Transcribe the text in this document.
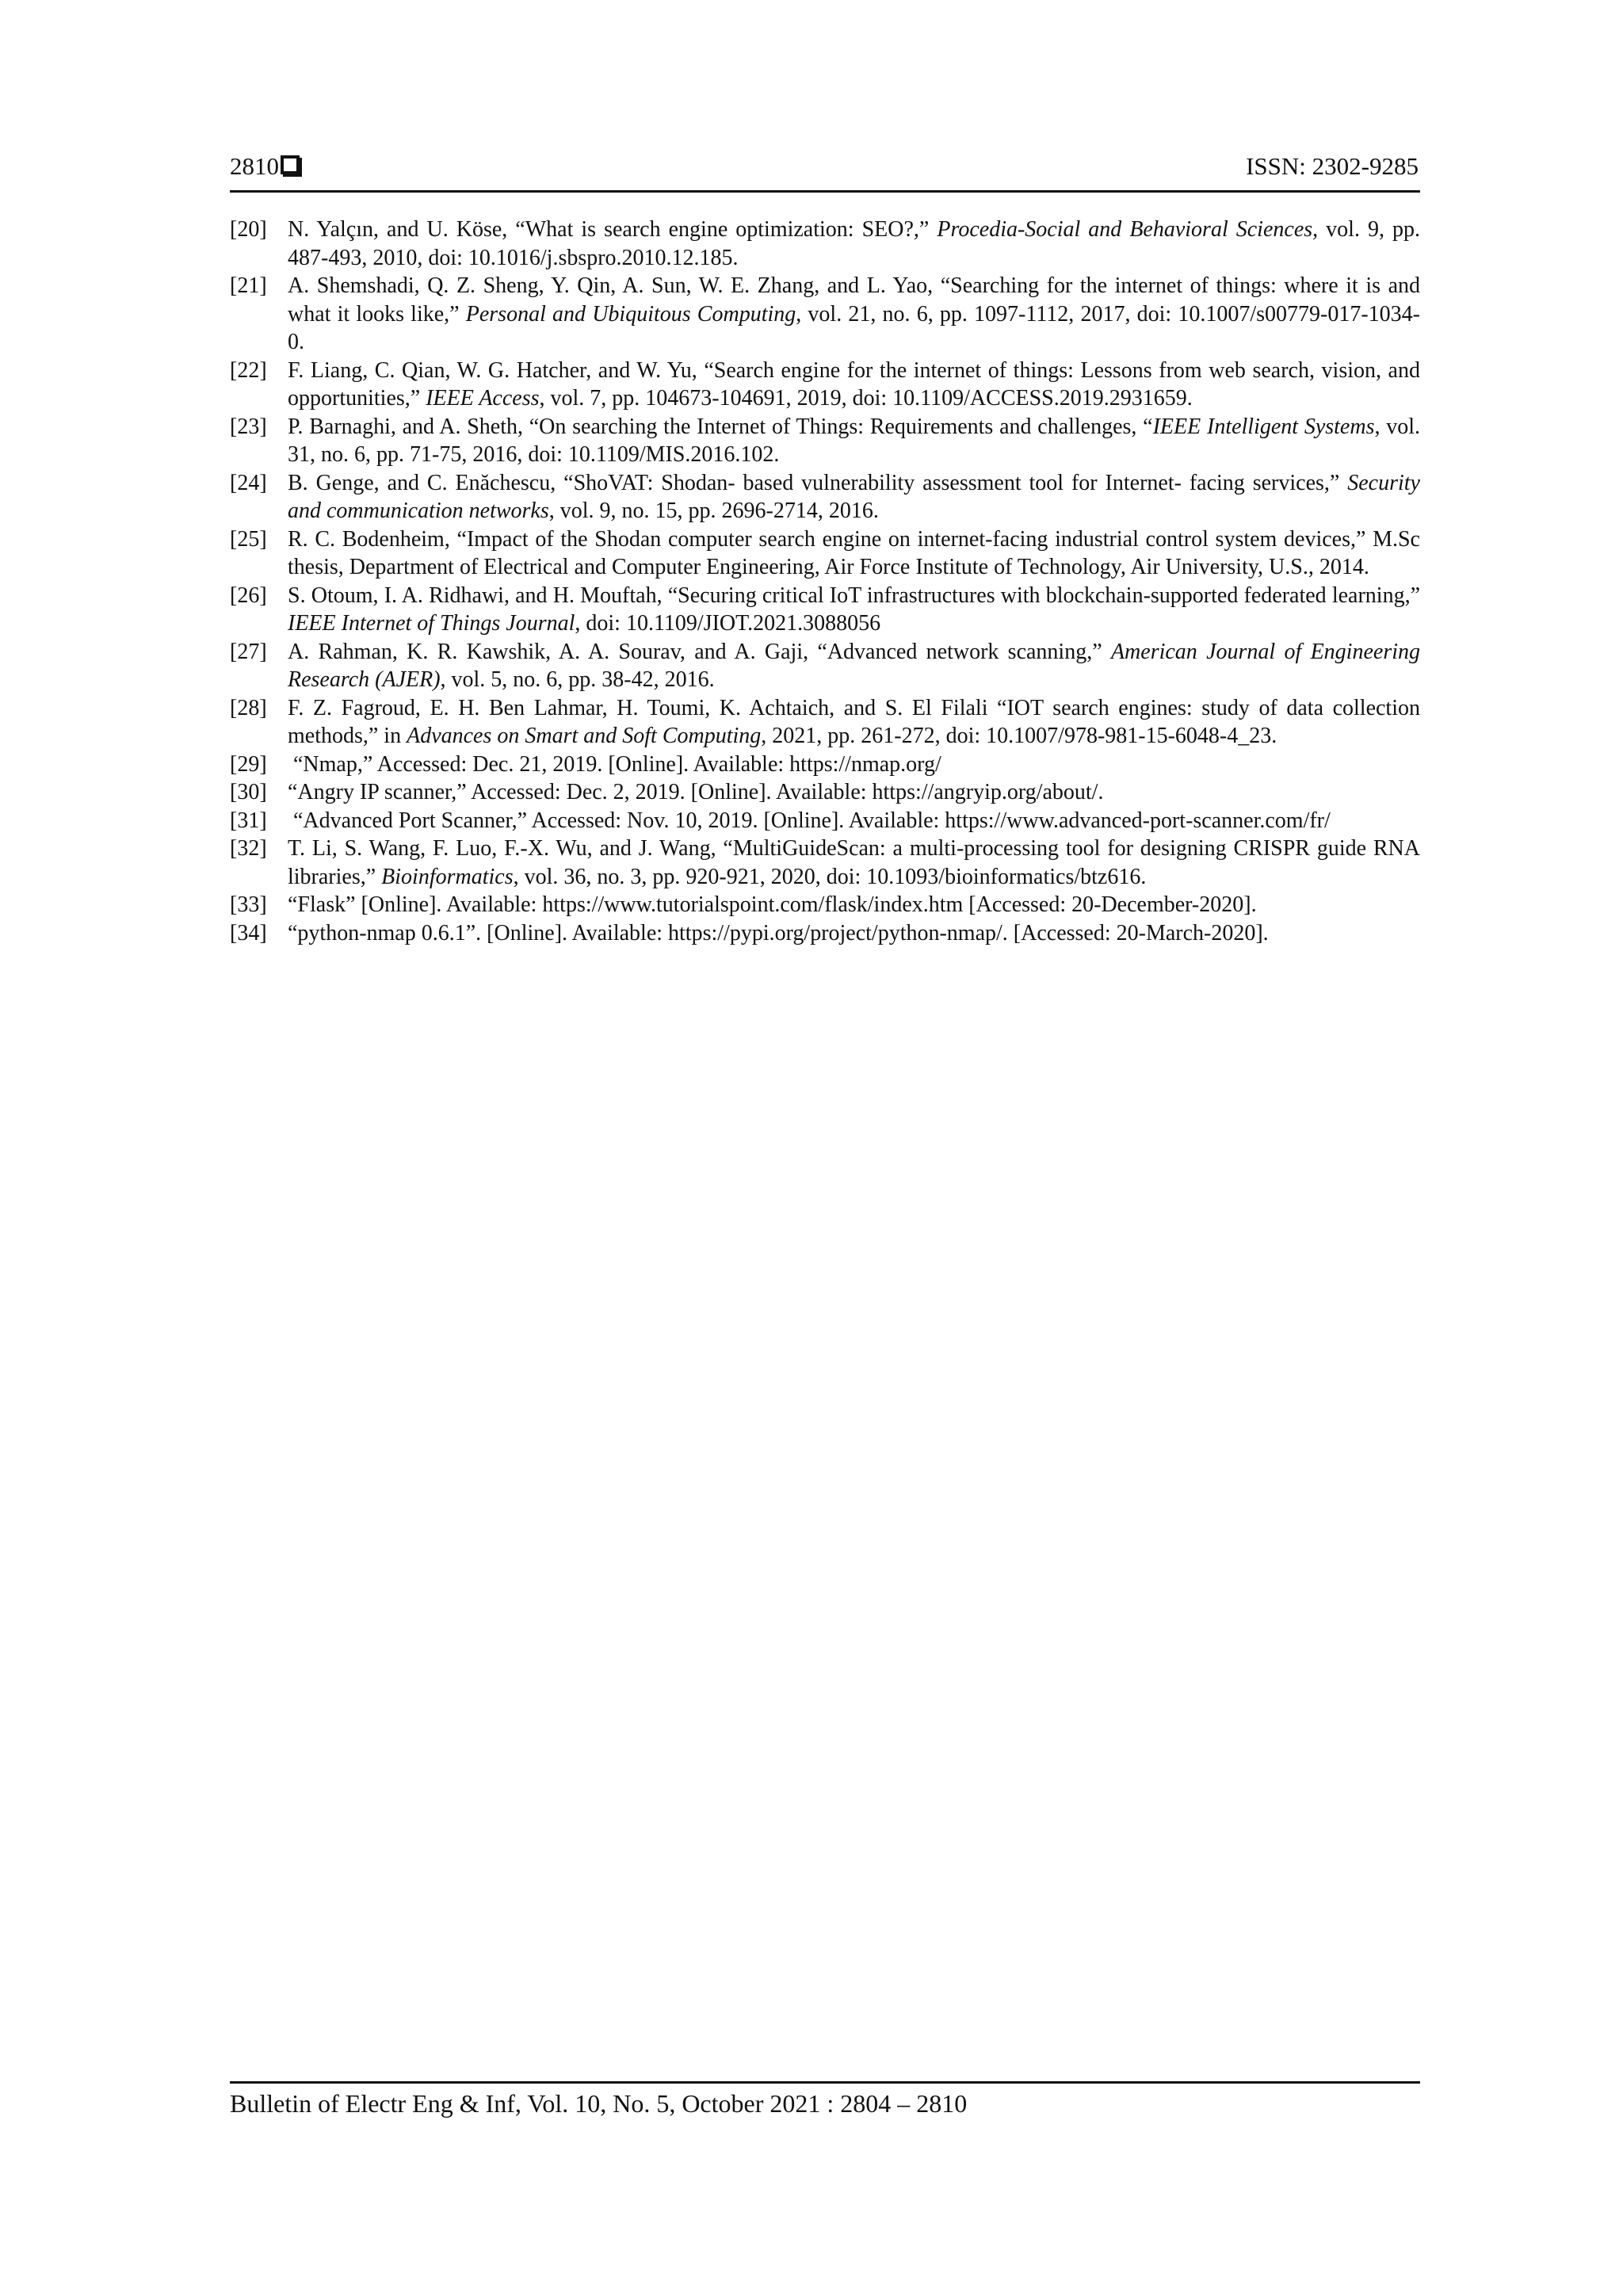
2810	ISSN: 2302-9285
[20] N. Yalçın, and U. Köse, “What is search engine optimization: SEO?,” Procedia-Social and Behavioral Sciences, vol. 9, pp. 487-493, 2010, doi: 10.1016/j.sbspro.2010.12.185.
[21] A. Shemshadi, Q. Z. Sheng, Y. Qin, A. Sun, W. E. Zhang, and L. Yao, “Searching for the internet of things: where it is and what it looks like,” Personal and Ubiquitous Computing, vol. 21, no. 6, pp. 1097-1112, 2017, doi: 10.1007/s00779-017-1034-0.
[22] F. Liang, C. Qian, W. G. Hatcher, and W. Yu, “Search engine for the internet of things: Lessons from web search, vision, and opportunities,” IEEE Access, vol. 7, pp. 104673-104691, 2019, doi: 10.1109/ACCESS.2019.2931659.
[23] P. Barnaghi, and A. Sheth, “On searching the Internet of Things: Requirements and challenges, “IEEE Intelligent Systems, vol. 31, no. 6, pp. 71-75, 2016, doi: 10.1109/MIS.2016.102.
[24] B. Genge, and C. Enăchescu, “ShoVAT: Shodan- based vulnerability assessment tool for Internet- facing services,” Security and communication networks, vol. 9, no. 15, pp. 2696-2714, 2016.
[25] R. C. Bodenheim, “Impact of the Shodan computer search engine on internet-facing industrial control system devices,” M.Sc thesis, Department of Electrical and Computer Engineering, Air Force Institute of Technology, Air University, U.S., 2014.
[26] S. Otoum, I. A. Ridhawi, and H. Mouftah, “Securing critical IoT infrastructures with blockchain-supported federated learning,” IEEE Internet of Things Journal, doi: 10.1109/JIOT.2021.3088056
[27] A. Rahman, K. R. Kawshik, A. A. Sourav, and A. Gaji, “Advanced network scanning,” American Journal of Engineering Research (AJER), vol. 5, no. 6, pp. 38-42, 2016.
[28] F. Z. Fagroud, E. H. Ben Lahmar, H. Toumi, K. Achtaich, and S. El Filali “IOT search engines: study of data collection methods,” in Advances on Smart and Soft Computing, 2021, pp. 261-272, doi: 10.1007/978-981-15-6048-4_23.
[29] “Nmap,” Accessed: Dec. 21, 2019. [Online]. Available: https://nmap.org/
[30] “Angry IP scanner,” Accessed: Dec. 2, 2019. [Online]. Available: https://angryip.org/about/.
[31] “Advanced Port Scanner,” Accessed: Nov. 10, 2019. [Online]. Available: https://www.advanced-port-scanner.com/fr/
[32] T. Li, S. Wang, F. Luo, F.-X. Wu, and J. Wang, “MultiGuideScan: a multi-processing tool for designing CRISPR guide RNA libraries,” Bioinformatics, vol. 36, no. 3, pp. 920-921, 2020, doi: 10.1093/bioinformatics/btz616.
[33] “Flask” [Online]. Available: https://www.tutorialspoint.com/flask/index.htm [Accessed: 20-December-2020].
[34] “python-nmap 0.6.1”. [Online]. Available: https://pypi.org/project/python-nmap/. [Accessed: 20-March-2020].
Bulletin of Electr Eng & Inf, Vol. 10, No. 5, October 2021 : 2804 – 2810
